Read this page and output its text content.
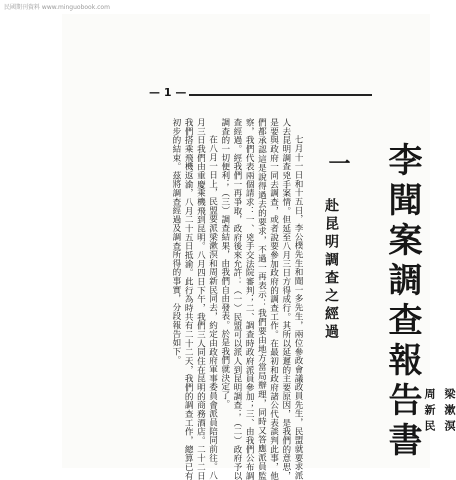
民國期刊資料 www.minguobook.com
— 1 —
李聞案調查報告書 梁漱溟
周新民
一
赴昆明調查之經過

七月十一日和十五日，李公樸先生和聞一多先生，兩位參政會議政員先生，民盟就要求派人去昆明調查兇手案情。但延至八月三日方得成行。其所以延遲的主要原因，是我們的意思，是要與政府一同去調查，或者說要參加政府的調查工作。在最初和政府諸公代表談判此事，他們都承認這是說得過去的要求，不過一再表示：我們要由地方當局辦理，同時又答應派員監察，我們代表兩個請求：一、兇手交法院審判；二、調查時政府派員參加；三、由我們公布調查經過。經我們一再爭取，政府後來允許：（一）民盟可以派人到昆明調查；（二）政府予以調查的一切便利；（三）調查結果，由我們自由發表。於是我們就決定了。

在八月一日上，民盟要派梁漱溟和周新民同去，約定由政府軍事委員會派員陪同前往。八月三日我們由重慶乘機飛到昆明。八月四日下午，我們三人同住在昆明的商務酒店。二十二日我們搭乘飛機返渝，八月二十五日抵渝。此行為時共有二十二天，我們的調查工作，總算已有初步的結束。茲將調查經過及調查所得的事實，分段報告如下。
